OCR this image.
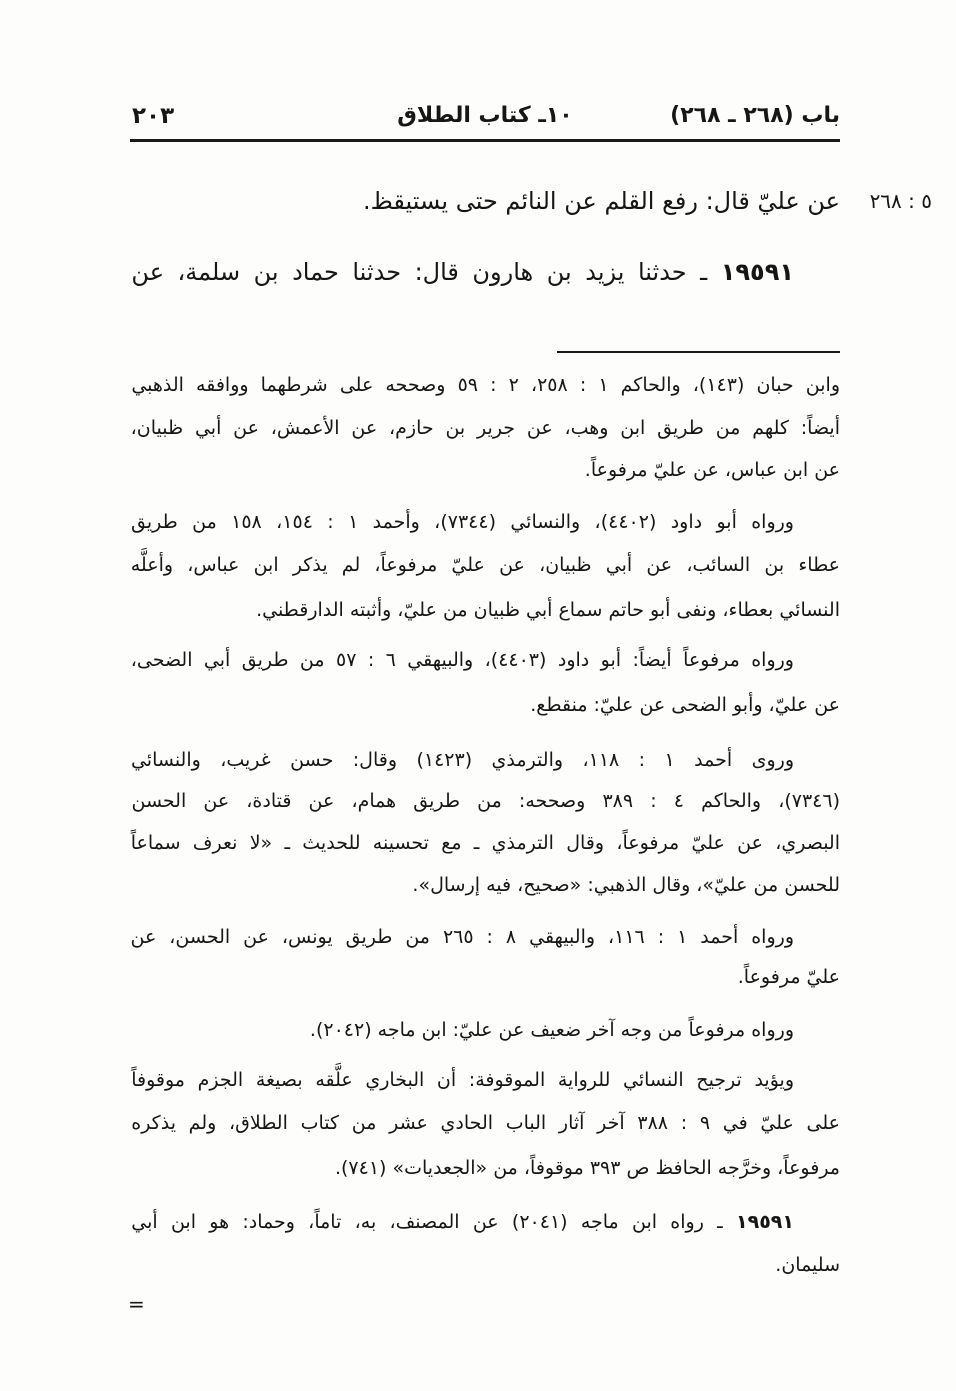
باب (٢٦٨ ـ ٢٦٨)
١٠ـ كتاب الطلاق
٢٠٣
٥ : ٢٦٨
عن عليّ قال: رفع القلم عن النائم حتى يستيقظ.
١٩٥٩١ ـ حدثنا يزيد بن هارون قال: حدثنا حماد بن سلمة، عن
وابن حبان (١٤٣)، والحاكم ١ : ٢٥٨، ٢ : ٥٩ وصححه على شرطهما ووافقه الذهبي
أيضاً: كلهم من طريق ابن وهب، عن جرير بن حازم، عن الأعمش، عن أبي ظبيان،
عن ابن عباس، عن عليّ مرفوعاً.
ورواه أبو داود (٤٤٠٢)، والنسائي (٧٣٤٤)، وأحمد ١ : ١٥٤، ١٥٨ من طريق
عطاء بن السائب، عن أبي ظبيان، عن عليّ مرفوعاً، لم يذكر ابن عباس، وأعلَّه
النسائي بعطاء، ونفى أبو حاتم سماع أبي ظبيان من عليّ، وأثبته الدارقطني.
ورواه مرفوعاً أيضاً: أبو داود (٤٤٠٣)، والبيهقي ٦ : ٥٧ من طريق أبي الضحى،
عن عليّ، وأبو الضحى عن عليّ: منقطع.
وروى أحمد ١ : ١١٨، والترمذي (١٤٢٣) وقال: حسن غريب، والنسائي
(٧٣٤٦)، والحاكم ٤ : ٣٨٩ وصححه: من طريق همام، عن قتادة، عن الحسن
البصري، عن عليّ مرفوعاً، وقال الترمذي ـ مع تحسينه للحديث ـ «لا نعرف سماعاً
للحسن من عليّ»، وقال الذهبي: «صحيح، فيه إرسال».
ورواه أحمد ١ : ١١٦، والبيهقي ٨ : ٢٦٥ من طريق يونس، عن الحسن، عن
عليّ مرفوعاً.
ورواه مرفوعاً من وجه آخر ضعيف عن عليّ: ابن ماجه (٢٠٤٢).
ويؤيد ترجيح النسائي للرواية الموقوفة: أن البخاري علَّقه بصيغة الجزم موقوفاً
على عليّ في ٩ : ٣٨٨ آخر آثار الباب الحادي عشر من كتاب الطلاق، ولم يذكره
مرفوعاً، وخرَّجه الحافظ ص ٣٩٣ موقوفاً، من «الجعديات» (٧٤١).
١٩٥٩١ ـ رواه ابن ماجه (٢٠٤١) عن المصنف، به، تاماً، وحماد: هو ابن أبي
سليمان.
=
